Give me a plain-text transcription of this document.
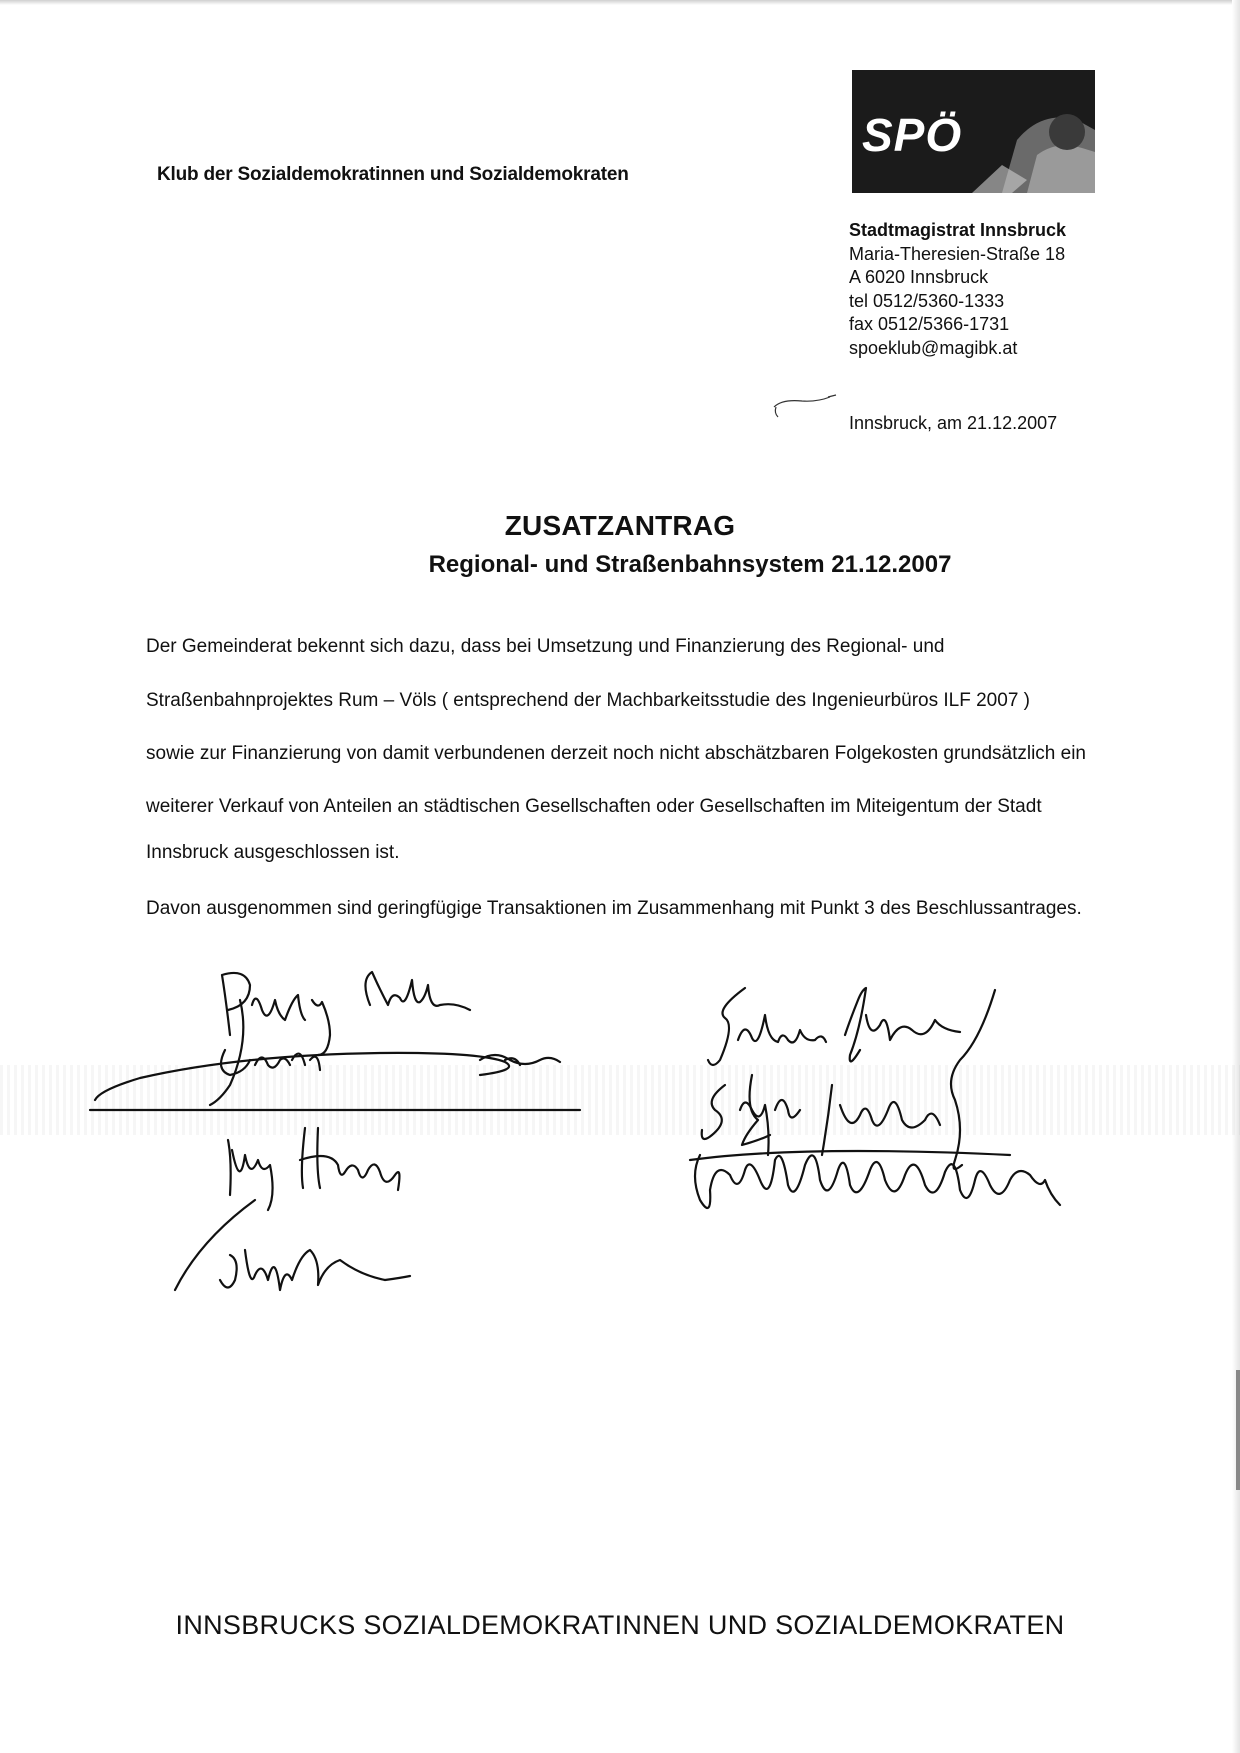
Klub der Sozialdemokratinnen und Sozialdemokraten
SPÖ
Stadtmagistrat Innsbruck
Maria-Theresien-Straße 18
A 6020 Innsbruck
tel 0512/5360-1333
fax 0512/5366-1731
spoeklub@magibk.at
Innsbruck, am 21.12.2007
ZUSATZANTRAG
Regional- und Straßenbahnsystem 21.12.2007
Der Gemeinderat bekennt sich dazu, dass bei Umsetzung und Finanzierung des Regional- und
Straßenbahnprojektes Rum – Völs ( entsprechend der Machbarkeitsstudie des Ingenieurbüros ILF 2007 )
sowie zur Finanzierung von damit verbundenen derzeit noch nicht abschätzbaren Folgekosten grundsätzlich ein
weiterer Verkauf von Anteilen an städtischen Gesellschaften oder Gesellschaften im Miteigentum der Stadt
Innsbruck ausgeschlossen ist.
Davon ausgenommen sind geringfügige Transaktionen im Zusammenhang mit Punkt 3 des Beschlussantrages.
INNSBRUCKS SOZIALDEMOKRATINNEN UND SOZIALDEMOKRATEN
